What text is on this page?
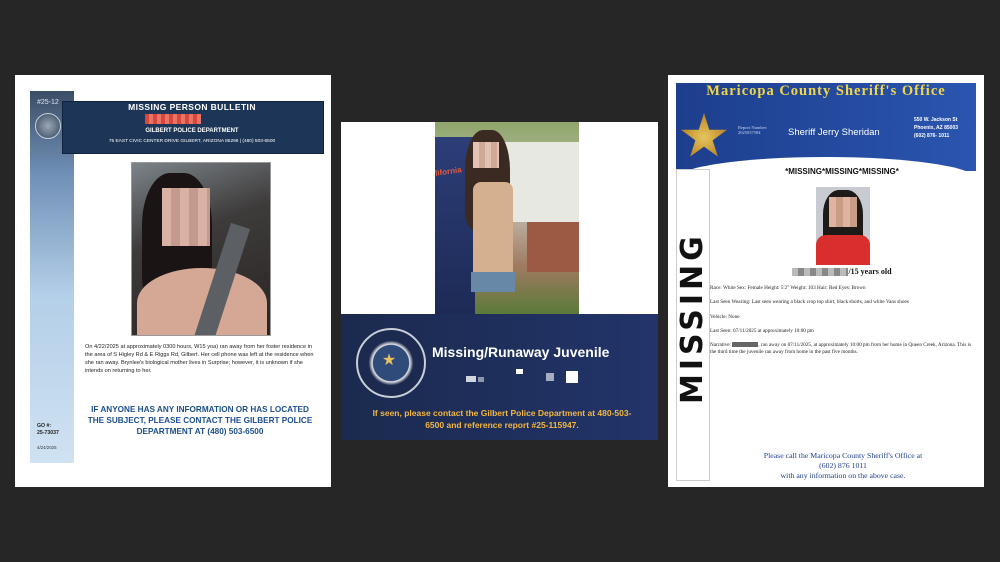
#25-12	MISSING PERSON BULLETIN
GILBERT POLICE DEPARTMENT
75 EAST CIVIC CENTER DRIVE GILBERT, ARIZONA 85296 | (480) 503-6500
On 4/22/2025 at approximately 0300 hours, W15 yoa) ran away from her foster residence in the area of S Higley Rd & E Riggs Rd, Gilbert. Her cell phone was left at the residence when she ran away. Brynlee's biological mother lives in Surprise; however, it is unknown if she intends on returning to her.
IF ANYONE HAS ANY INFORMATION OR HAS LOCATED THE SUBJECT, PLEASE CONTACT THE GILBERT POLICE DEPARTMENT AT (480) 503-6500
GO #:
25-73037
4/24/2025
lifornia
★	Missing/Runaway Juvenile
If seen, please contact the Gilbert Police Department at 480-503-6500 and reference report #25-115947.
Maricopa County Sheriff's Office
Report Number:
2025037584	Sheriff Jerry Sheridan
550 W. Jackson St
Phoenix, AZ 85003
(602) 876- 1011
MISSING
*MISSING*MISSING*MISSING*
/15 years old
Race: White Sex: Female Height: 5'2" Weight: 103 Hair: Red Eyes: Brown
Last Seen Wearing: Last seen wearing a black crop top shirt, black shorts, and white Vans shoes
Vehicle: None
Last Seen: 07/11/2025 at approximately 10:00 pm
Narrative:	, ran away on 07/11/2025, at approximately 10:00 pm from her home in Queen Creek, Arizona. This is the third time the juvenile ran away from home in the past five months.
Please call the Maricopa County Sheriff's Office at
(602) 876 1011
with any information on the above case.
